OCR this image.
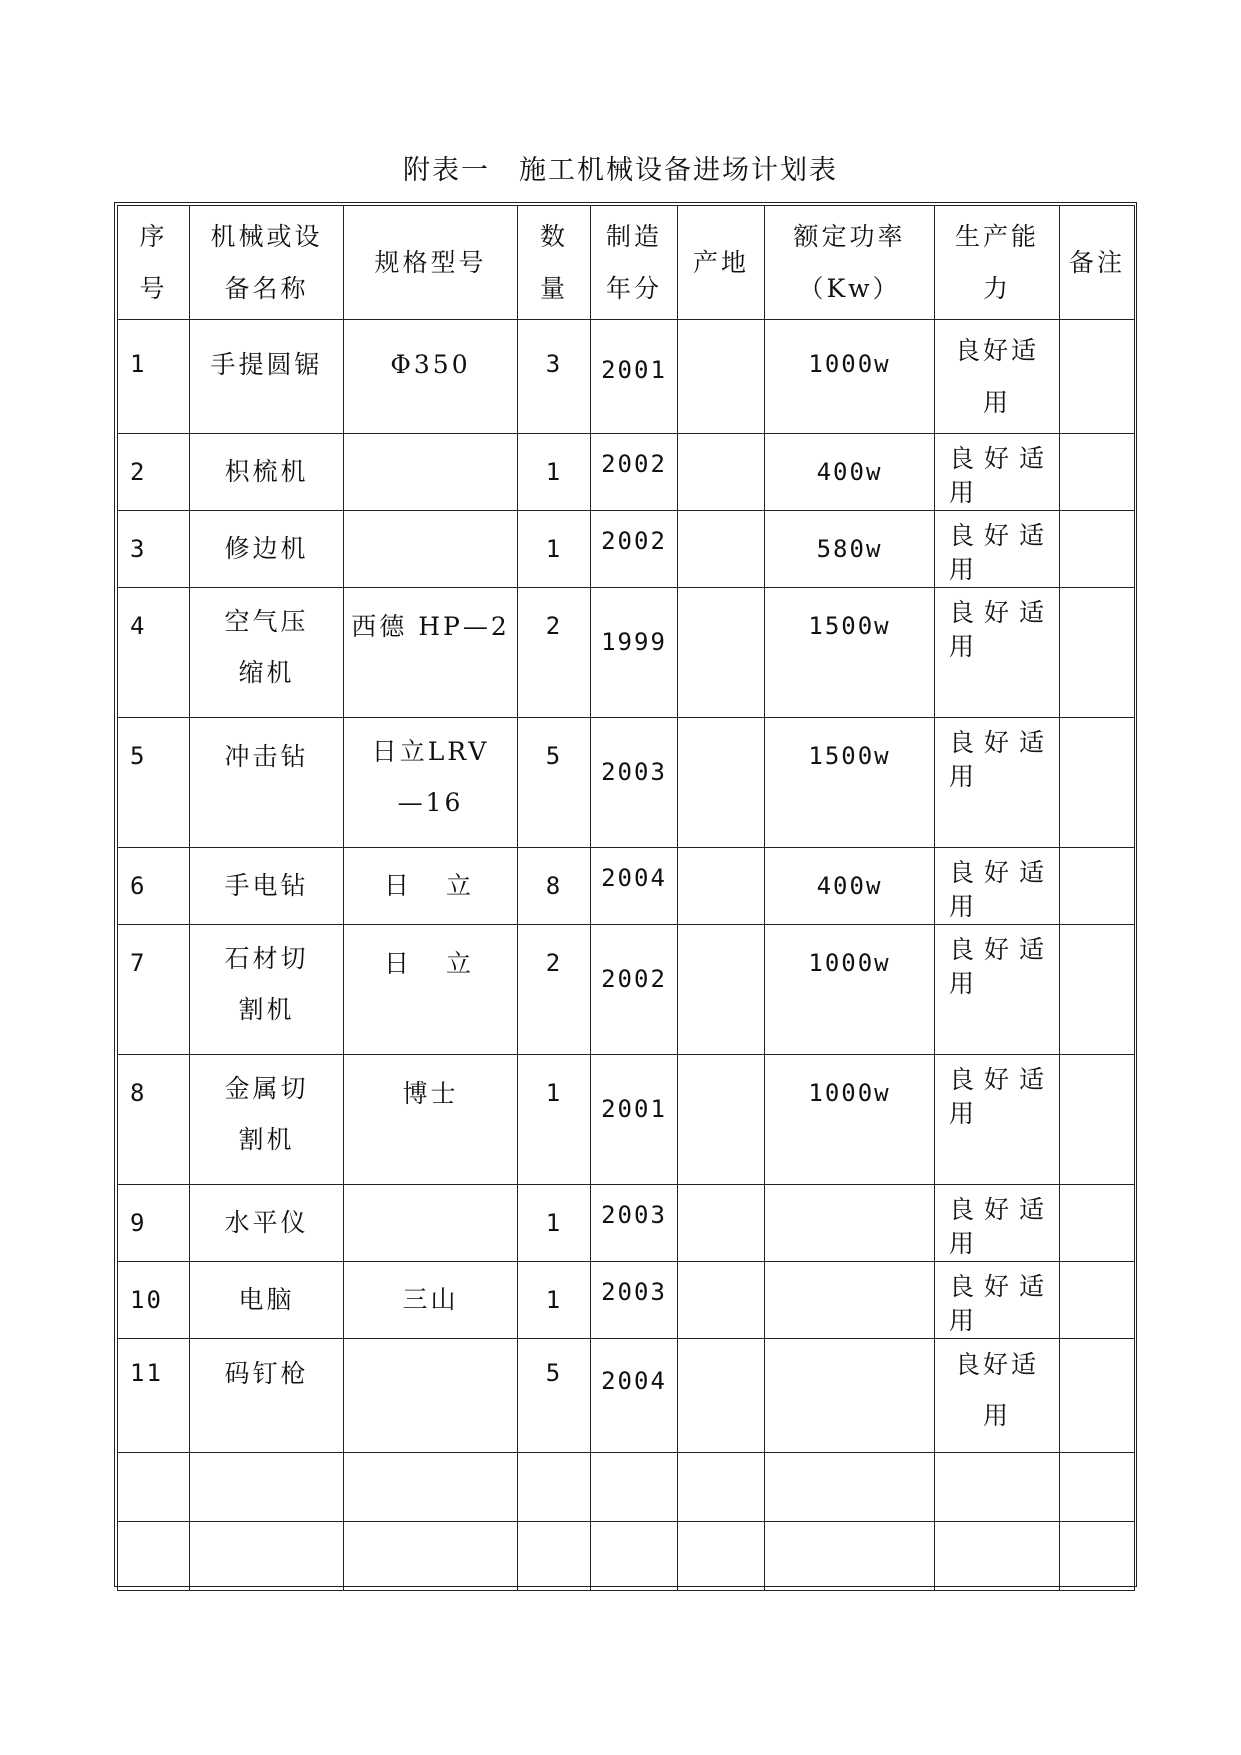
附表一　施工机械设备进场计划表
序号	机械或设备名称	规格型号	数量	制造年分	产地	额定功率（Kw）	生产能力	备注
1	手提圆锯	Φ350	3	2001		1000w	良好适用	

2	枳梳机		1	2002		400w	良好适用	
3	修边机		1	2002		580w	良好适用	
4	空气压缩机	西德 HP—2	2	1999		1500w	良好适用	
5	冲击钻	日立LRV—16	5	2003		1500w	良好适用	
6	手电钻	日　立	8	2004		400w	良好适用	
7	石材切割机	日　立	2	2002		1000w	良好适用	
8	金属切割机	博士	1	2001		1000w	良好适用	
9	水平仪		1	2003			良好适用	
10	电脑	三山	1	2003			良好适用	
11	码钉枪		5	2004			良好适用	
